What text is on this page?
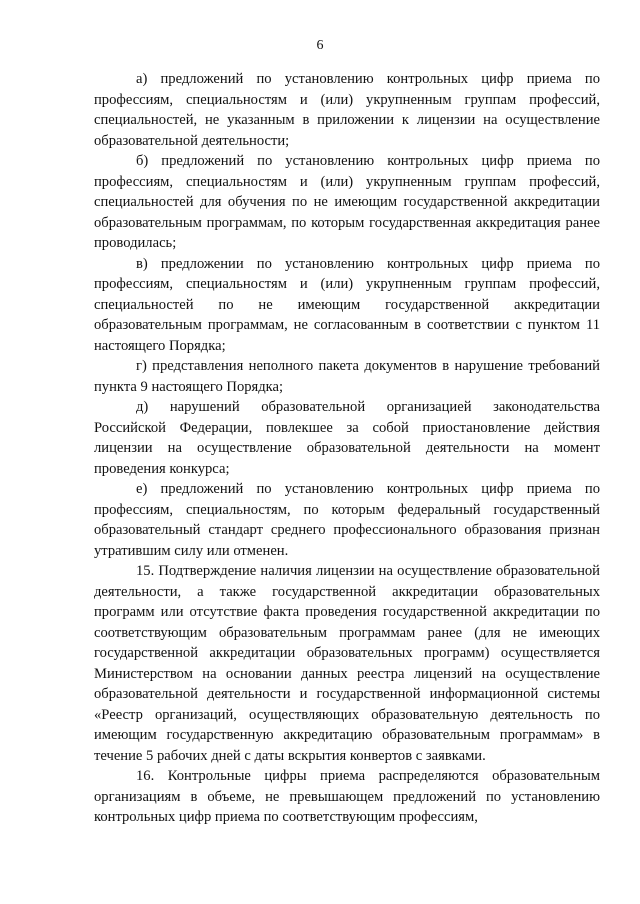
6

а) предложений по установлению контрольных цифр приема по профессиям, специальностям и (или) укрупненным группам профессий, специальностей, не указанным в приложении к лицензии на осуществление образовательной деятельности;

б) предложений по установлению контрольных цифр приема по профессиям, специальностям и (или) укрупненным группам профессий, специальностей для обучения по не имеющим государственной аккредитации образовательным программам, по которым государственная аккредитация ранее проводилась;

в) предложении по установлению контрольных цифр приема по профессиям, специальностям и (или) укрупненным группам профессий, специальностей по не имеющим государственной аккредитации образовательным программам, не согласованным в соответствии с пунктом 11 настоящего Порядка;

г) представления неполного пакета документов в нарушение требований пункта 9 настоящего Порядка;

д) нарушений образовательной организацией законодательства Российской Федерации, повлекшее за собой приостановление действия лицензии на осуществление образовательной деятельности на момент проведения конкурса;

е) предложений по установлению контрольных цифр приема по профессиям, специальностям, по которым федеральный государственный образовательный стандарт среднего профессионального образования признан утратившим силу или отменен.

15. Подтверждение наличия лицензии на осуществление образовательной деятельности, а также государственной аккредитации образовательных программ или отсутствие факта проведения государственной аккредитации по соответствующим образовательным программам ранее (для не имеющих государственной аккредитации образовательных программ) осуществляется Министерством на основании данных реестра лицензий на осуществление образовательной деятельности и государственной информационной системы «Реестр организаций, осуществляющих образовательную деятельность по имеющим государственную аккредитацию образовательным программам» в течение 5 рабочих дней с даты вскрытия конвертов с заявками.

16. Контрольные цифры приема распределяются образовательным организациям в объеме, не превышающем предложений по установлению контрольных цифр приема по соответствующим профессиям,
